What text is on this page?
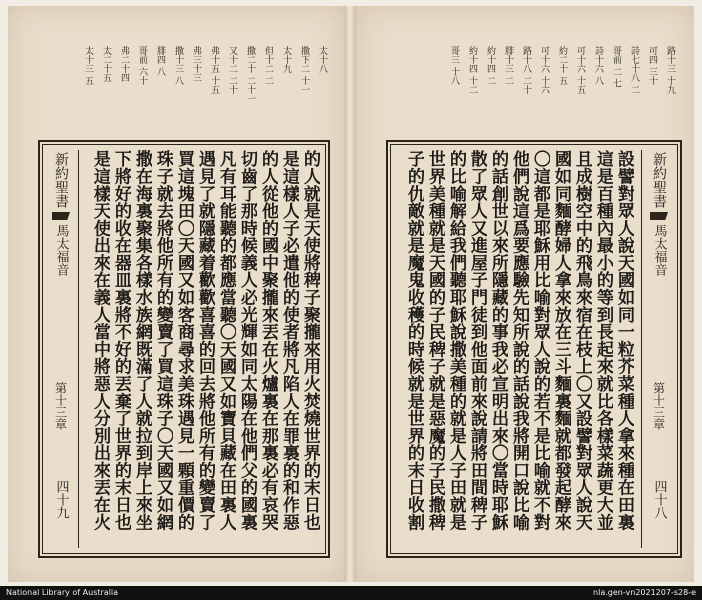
太十八
撒下二 十一
太十九
但十二 二
撒二十 二十一
又十二 二十
弗十五 十五
弗三十三
撒十三 八
腓四 八
哥前 六十
弗二十四
太二十五
太十三 五
的人就是天使將稗子聚攏來用火焚燒世界的末日也
是這樣人子必遣他的使者將凡陷人在罪裏的和作惡
的人從他的國中聚攏來丟在火爐裏在那裏必有哀哭
切齒了那時候義人必光輝如同太陽在他們父的國裏
凡有耳能聽的都應當聽〇天國又如寶貝藏在田裏人
遇見了就隱藏着歡歡喜喜的回去將他所有的變賣了
買這塊田〇天國又如客商尋求美珠遇見一顆重價的
珠子就去將他所有的變賣了買這珠子〇天國又如網
撒在海裏聚集各樣水族網既滿了人就拉到岸上來坐
下將好的收在器皿裏將不好的丟棄了世界的末日也
是這樣天使出來在義人當中將惡人分別出來丟在火
新約聖書
馬太福音
第十三章
四十九
路十三 十九
可四 三十
詩七十八 二
哥前 二 七
詩十六 八
可十六 十五
約二十 五
可十六 十六
路十八 二十
腓十三 二
約十四 二
約十四 十二
哥三 十八
設譬對眾人說天國如同一粒芥菜種人拿來種在田裏
這是百種內最小的等到長起來就比各樣菜蔬更大並
且成樹空中的飛鳥來宿在枝上〇又設譬對眾人說天
國如同麵酵婦人拿來放在三斗麵裏麵就都發起酵來
〇這都是耶穌用比喻對眾人說的若不是比喻就不對
他們說這爲要應驗先知所說的話說我將開口說比喻
的話創世以來所隱藏的事我必宣明出來〇當時耶穌
散了眾人又進屋子門徒到他面前來說請將田間稗子
的比喻解給我們聽耶穌說撒美種的就是人子田就是
世界美種就是天國的子民稗子就是惡魔的子民撒稗
子的仇敵就是魔鬼收穫的時候就是世界的末日收割	新約聖書
馬太福音
第十三章
四十八
National Library of Australia	nla.gen-vn2021207-s28-e
